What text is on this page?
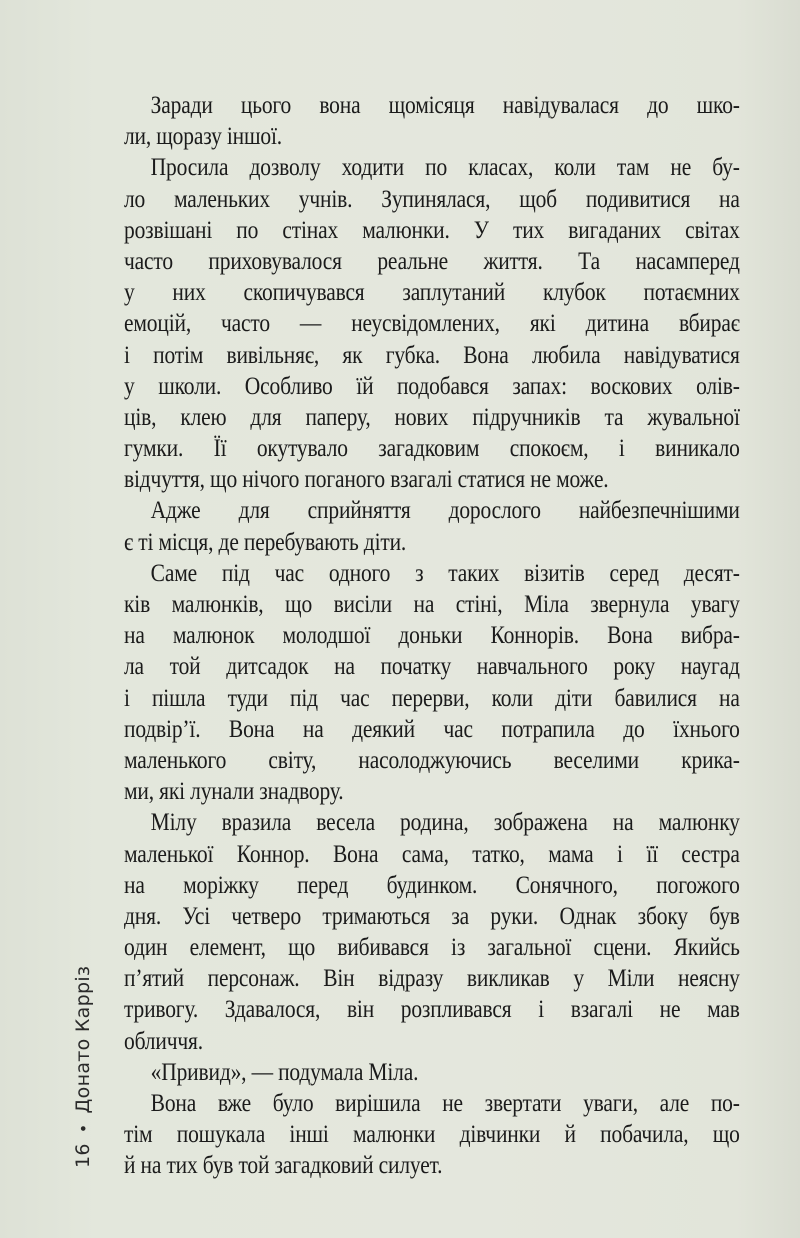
Заради цього вона щомісяця навідувалася до шко-
ли, щоразу іншої.
Просила дозволу ходити по класах, коли там не бу-
ло маленьких учнів. Зупинялася, щоб подивитися на
розвішані по стінах малюнки. У тих вигаданих світах
часто приховувалося реальне життя. Та насамперед
у них скопичувався заплутаний клубок потаємних
емоцій, часто — неусвідомлених, які дитина вбирає
і потім вивільняє, як губка. Вона любила навідуватися
у школи. Особливо їй подобався запах: воскових олів-
ців, клею для паперу, нових підручників та жувальної
гумки. Її окутувало загадковим спокоєм, і виникало
відчуття, що нічого поганого взагалі статися не може.
Адже для сприйняття дорослого найбезпечнішими
є ті місця, де перебувають діти.
Саме під час одного з таких візитів серед десят-
ків малюнків, що висіли на стіні, Міла звернула увагу
на малюнок молодшої доньки Коннорів. Вона вибра-
ла той дитсадок на початку навчального року наугад
і пішла туди під час перерви, коли діти бавилися на
подвір’ї. Вона на деякий час потрапила до їхнього
маленького світу, насолоджуючись веселими крика-
ми, які лунали знадвору.
Мілу вразила весела родина, зображена на малюнку
маленької Коннор. Вона сама, татко, мама і її сестра
на моріжку перед будинком. Сонячного, погожого
дня. Усі четверо тримаються за руки. Однак збоку був
один елемент, що вибивався із загальної сцени. Якийсь
п’ятий персонаж. Він відразу викликав у Міли неясну
тривогу. Здавалося, він розпливався і взагалі не мав
обличчя.
«Привид», — подумала Міла.
Вона вже було вирішила не звертати уваги, але по-
тім пошукала інші малюнки дівчинки й побачила, що
й на тих був той загадковий силует.
16
•
Донато Карріз
